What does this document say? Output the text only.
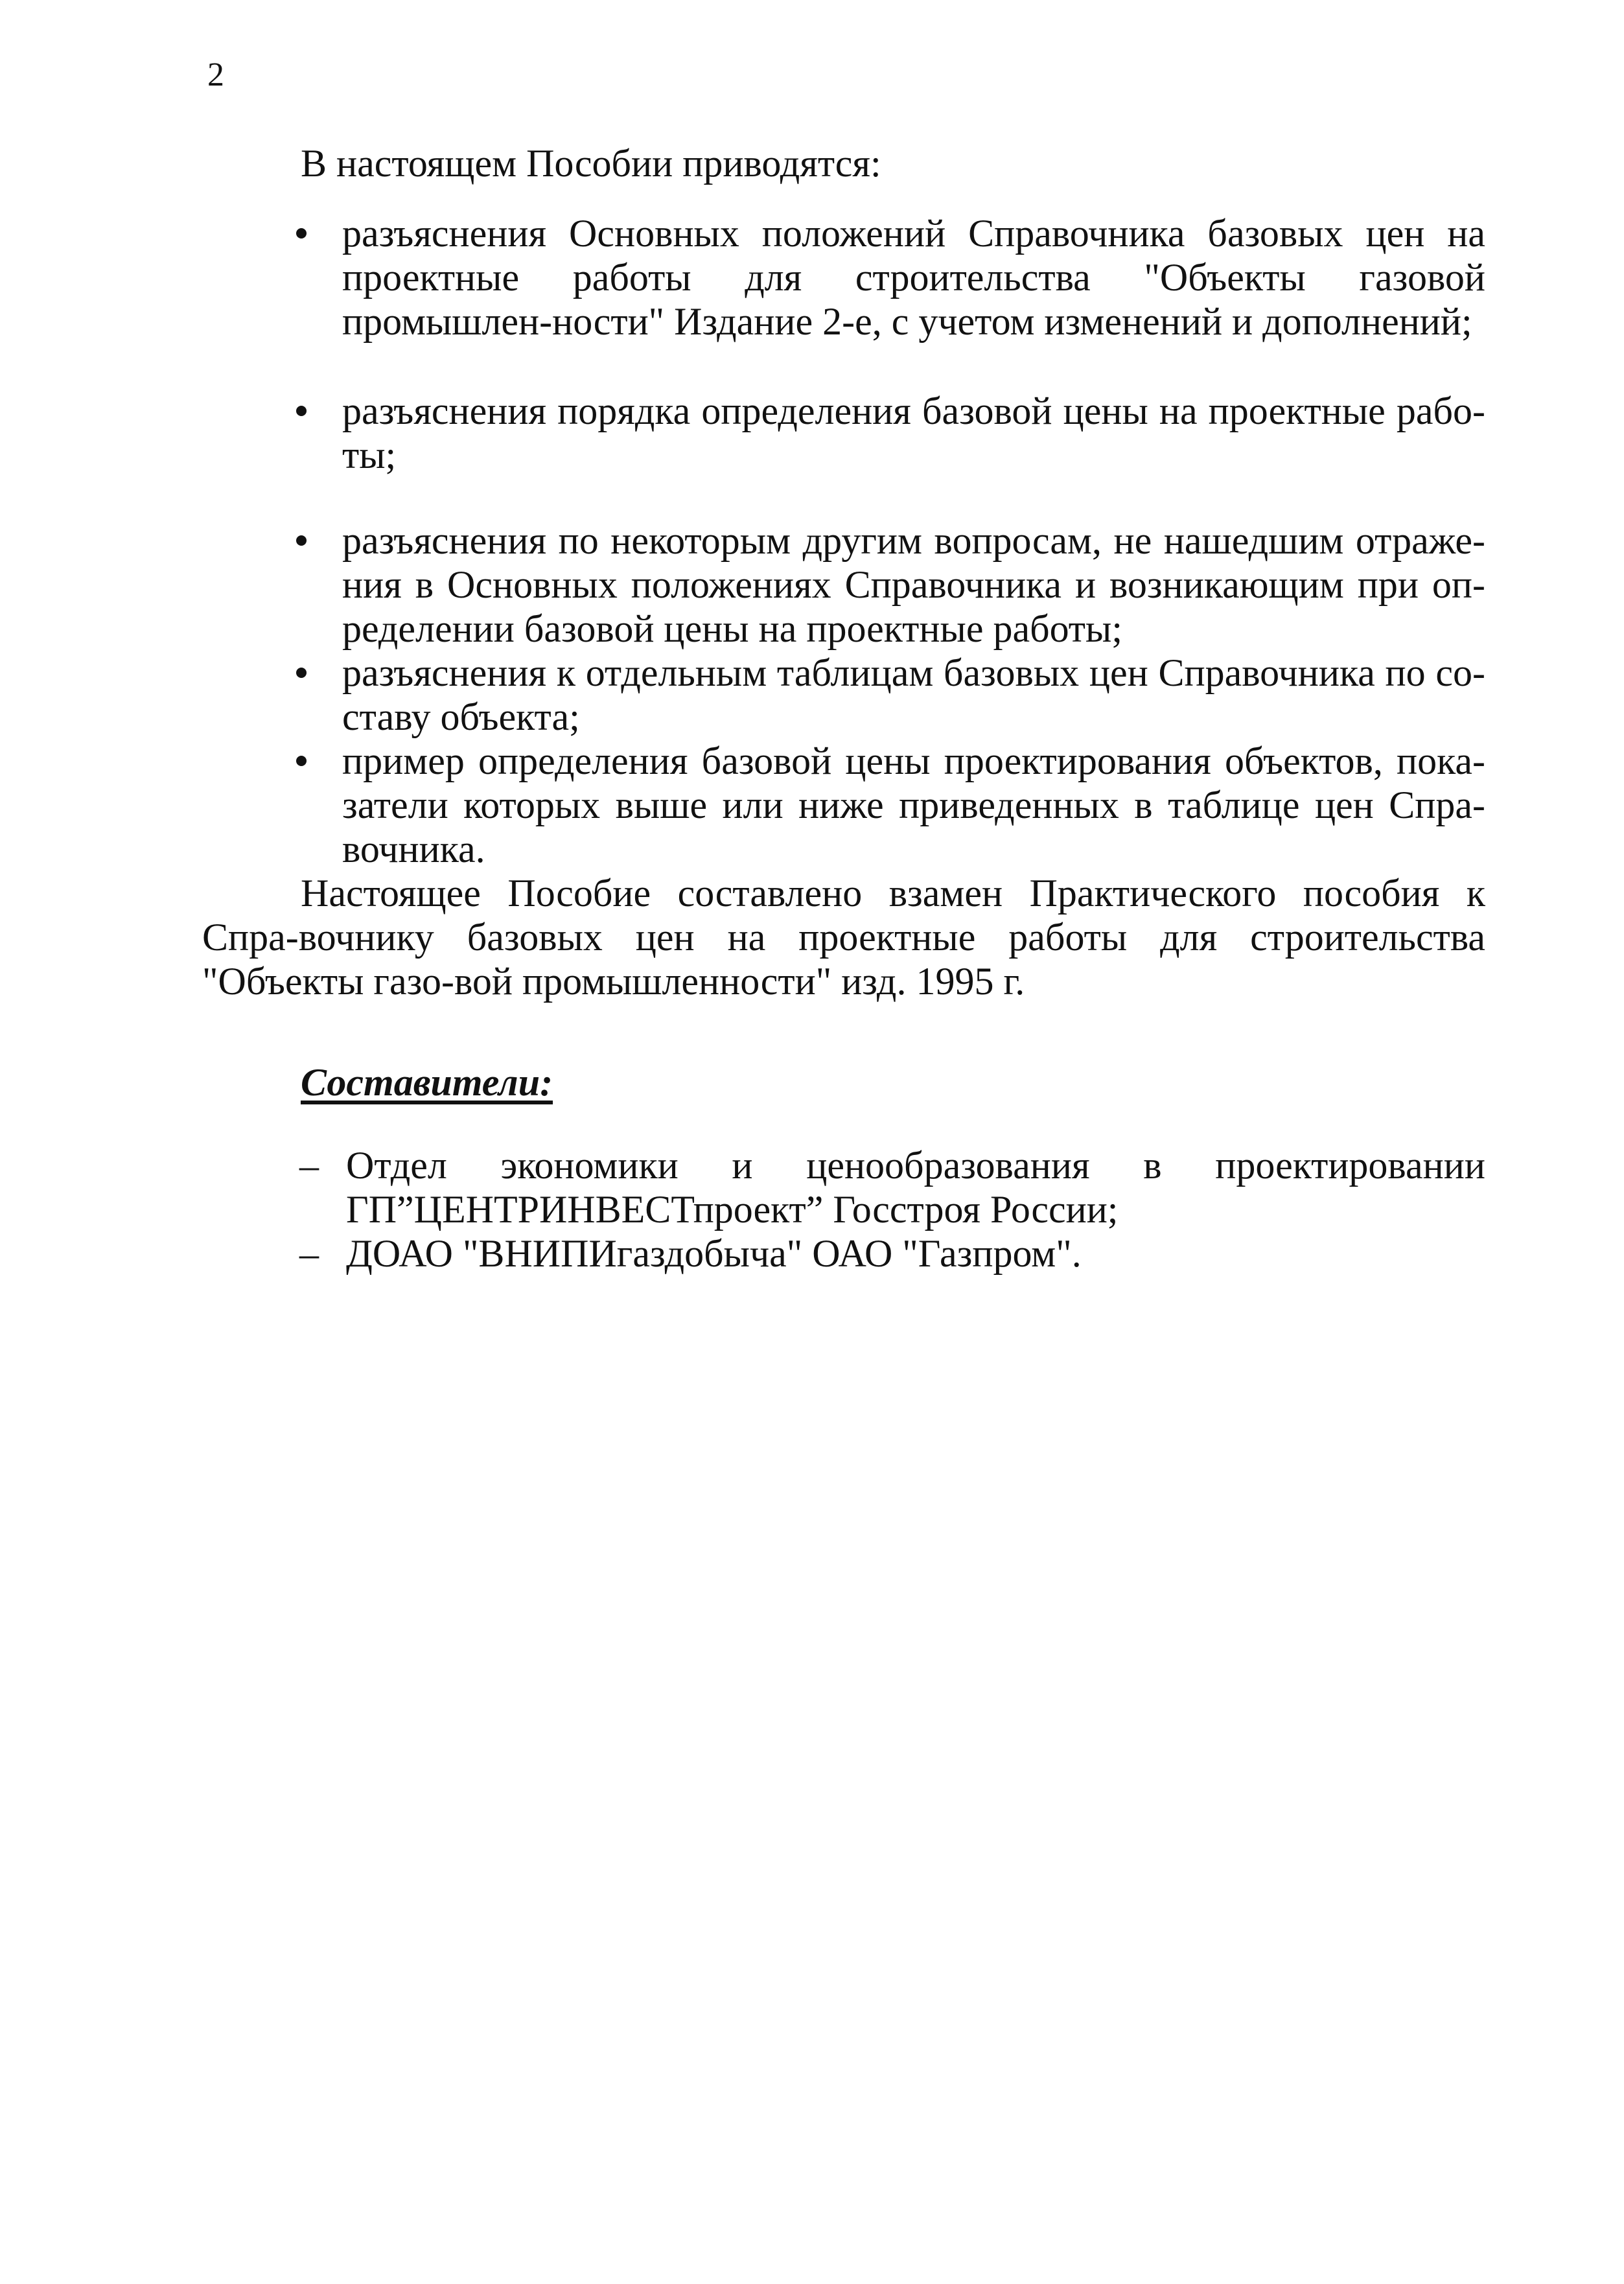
2

В настоящем Пособии приводятся:

разъяснения Основных положений Справочника базовых цен на проектные работы для строительства "Объекты газовой промышлен-ности" Издание 2-е, с учетом изменений и дополнений;
разъяснения порядка определения базовой цены на проектные рабо-ты;
разъяснения по некоторым другим вопросам, не нашедшим отраже-ния в Основных положениях Справочника и возникающим при оп-ределении базовой цены на проектные работы;
разъяснения к отдельным таблицам базовых цен Справочника по со-ставу объекта;
пример определения базовой цены проектирования объектов, пока-затели которых выше или ниже приведенных в таблице цен Спра-вочника.

Настоящее Пособие составлено взамен Практического пособия к Спра-вочнику базовых цен на проектные работы для строительства "Объекты газо-вой промышленности" изд. 1995 г.

Составители:

– Отдел экономики и ценообразования в проектировании
ГП”ЦЕНТРИНВЕСТпроект” Госстроя России;
– ДОАО "ВНИПИгаздобыча" ОАО "Газпром".
